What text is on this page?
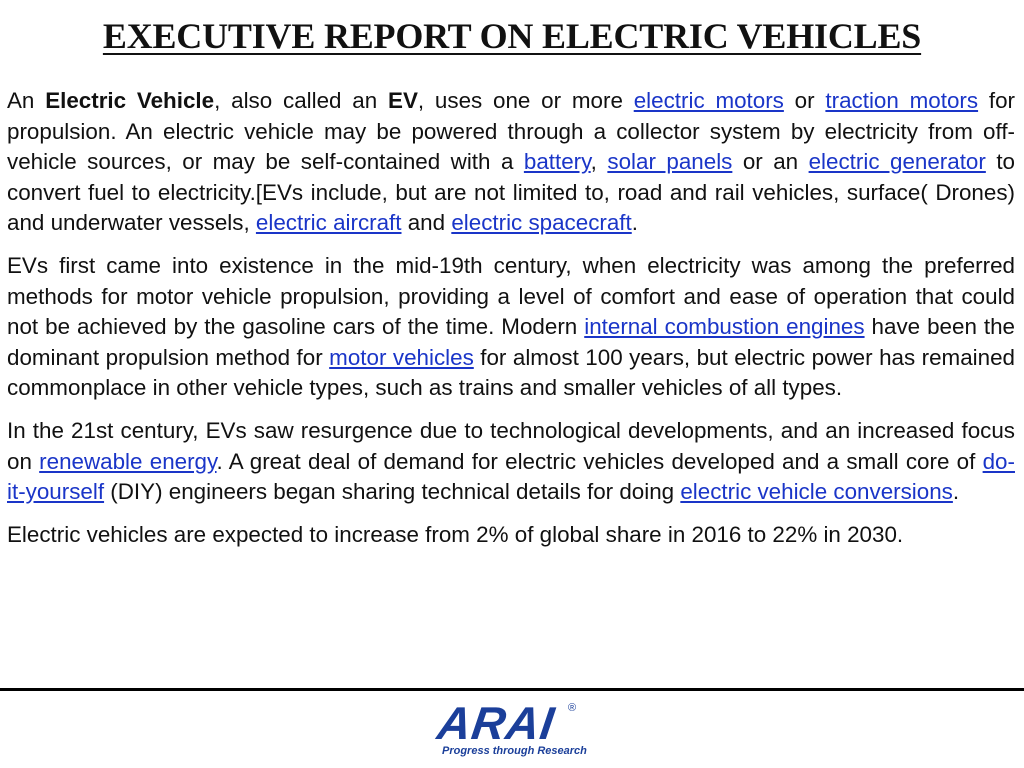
EXECUTIVE REPORT ON ELECTRIC VEHICLES

An Electric Vehicle, also called an EV, uses one or more electric motors or traction motors for propulsion. An electric vehicle may be powered through a collector system by electricity from off-vehicle sources, or may be self-contained with a battery, solar panels or an electric generator to convert fuel to electricity.[EVs include, but are not limited to, road and rail vehicles, surface( Drones) and underwater vessels, electric aircraft and electric spacecraft.

EVs first came into existence in the mid-19th century, when electricity was among the preferred methods for motor vehicle propulsion, providing a level of comfort and ease of operation that could not be achieved by the gasoline cars of the time. Modern internal combustion engines have been the dominant propulsion method for motor vehicles for almost 100 years, but electric power has remained commonplace in other vehicle types, such as trains and smaller vehicles of all types.

In the 21st century, EVs saw resurgence due to technological developments, and an increased focus on renewable energy. A great deal of demand for electric vehicles developed and a small core of do-it-yourself (DIY) engineers began sharing technical details for doing electric vehicle conversions.

Electric vehicles are expected to increase from 2% of global share in 2016 to 22% in 2030.

ARAI ®
Progress through Research
